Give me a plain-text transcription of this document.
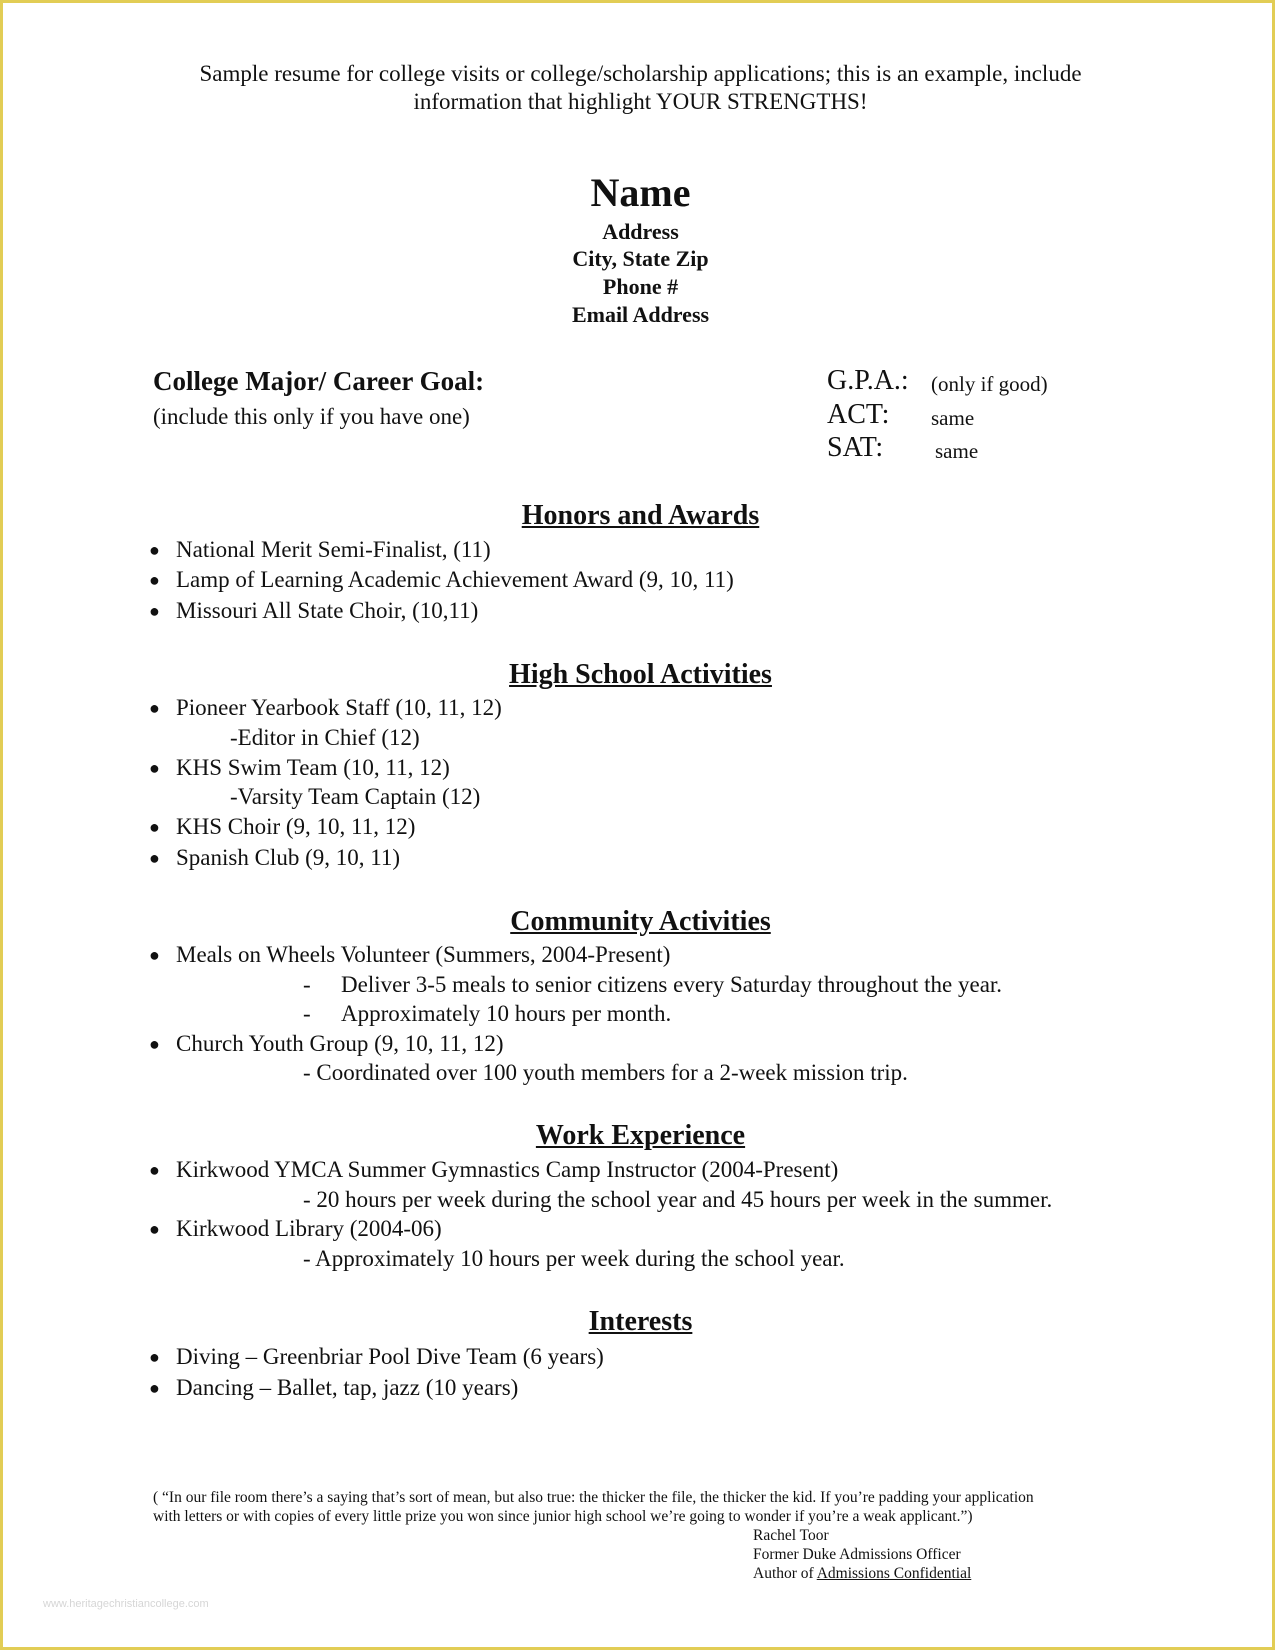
Sample resume for college visits or college/scholarship applications; this is an example, include
information that highlight YOUR STRENGTHS!
Name
Address
City, State Zip
Phone #
Email Address
College Major/ Career Goal:
(include this only if you have one)
G.P.A.: (only if good)
ACT: same
SAT: same
Honors and Awards
● National Merit Semi-Finalist, (11)
● Lamp of Learning Academic Achievement Award (9, 10, 11)
● Missouri All State Choir, (10,11)
High School Activities
● Pioneer Yearbook Staff (10, 11, 12)
-Editor in Chief (12)
● KHS Swim Team (10, 11, 12)
-Varsity Team Captain (12)
● KHS Choir (9, 10, 11, 12)
● Spanish Club (9, 10, 11)
Community Activities
● Meals on Wheels Volunteer (Summers, 2004-Present)
- Deliver 3-5 meals to senior citizens every Saturday throughout the year.
- Approximately 10 hours per month.
● Church Youth Group (9, 10, 11, 12)
- Coordinated over 100 youth members for a 2-week mission trip.
Work Experience
● Kirkwood YMCA Summer Gymnastics Camp Instructor (2004-Present)
- 20 hours per week during the school year and 45 hours per week in the summer.
● Kirkwood Library (2004-06)
- Approximately 10 hours per week during the school year.
Interests
● Diving – Greenbriar Pool Dive Team (6 years)
● Dancing – Ballet, tap, jazz (10 years)
( “In our file room there’s a saying that’s sort of mean, but also true: the thicker the file, the thicker the kid. If you’re padding your application
with letters or with copies of every little prize you won since junior high school we’re going to wonder if you’re a weak applicant.”)
Rachel Toor
Former Duke Admissions Officer
Author of Admissions Confidential
www.heritagechristiancollege.com
